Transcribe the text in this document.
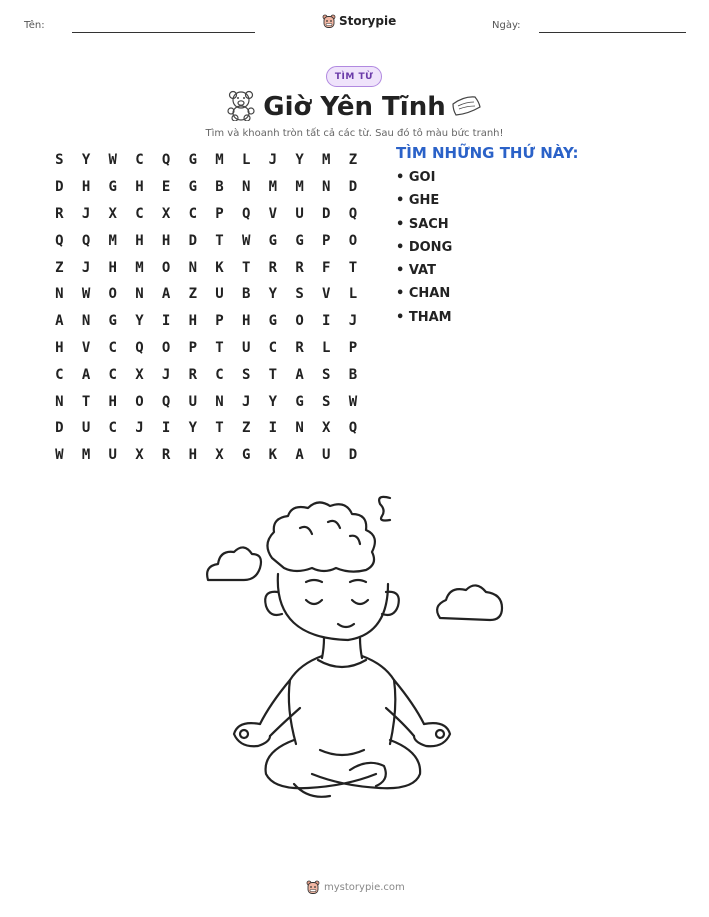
Tên:	Storypie	Ngày:
TÌM TỪ
Giờ Yên Tĩnh
Tìm và khoanh tròn tất cả các từ. Sau đó tô màu bức tranh!
S	Y	W	C	Q	G	M	L	J	Y	M	Z
D	H	G	H	E	G	B	N	M	M	N	D
R	J	X	C	X	C	P	Q	V	U	D	Q
Q	Q	M	H	H	D	T	W	G	G	P	O
Z	J	H	M	O	N	K	T	R	R	F	T
N	W	O	N	A	Z	U	B	Y	S	V	L
A	N	G	Y	I	H	P	H	G	O	I	J
H	V	C	Q	O	P	T	U	C	R	L	P
C	A	C	X	J	R	C	S	T	A	S	B
N	T	H	O	Q	U	N	J	Y	G	S	W
D	U	C	J	I	Y	T	Z	I	N	X	Q
W	M	U	X	R	H	X	G	K	A	U	D
TÌM NHỮNG THỨ NÀY:
• GOI
• GHE
• SACH
• DONG
• VAT
• CHAN
• THAM
mystorypie.com
